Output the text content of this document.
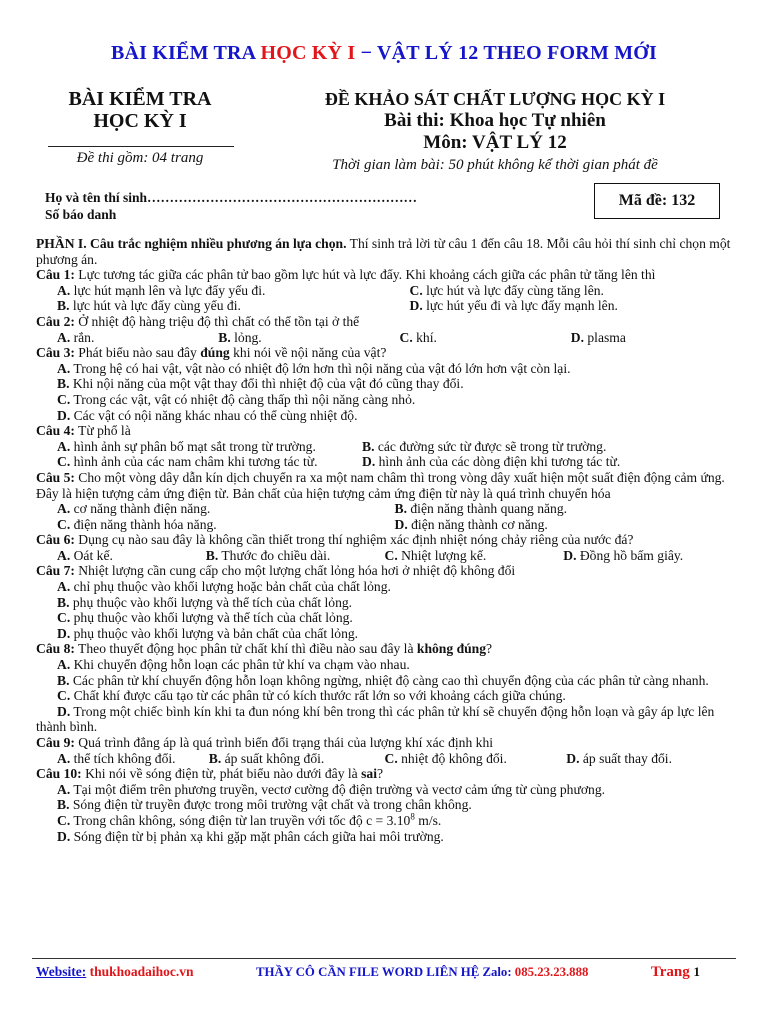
BÀI KIỂM TRA HỌC KỲ I − VẬT LÝ 12 THEO FORM MỚI
BÀI KIỂM TRA
HỌC KỲ I
Đề thi gồm: 04 trang
ĐỀ KHẢO SÁT CHẤT LƯỢNG HỌC KỲ I
Bài thi: Khoa học Tự nhiên
Môn: VẬT LÝ 12
Thời gian làm bài: 50 phút không kể thời gian phát đề
Họ và tên thí sinh……………………………………………………
Số báo danh
Mã đề: 132

PHẦN I. Câu trắc nghiệm nhiều phương án lựa chọn. Thí sinh trả lời từ câu 1 đến câu 18. Mỗi câu hỏi thí sinh chỉ chọn một phương án.

Câu 1: Lực tương tác giữa các phân tử bao gồm lực hút và lực đẩy. Khi khoảng cách giữa các phân tử tăng lên thì

A. lực hút mạnh lên và lực đẩy yếu đi.	C. lực hút và lực đẩy cùng tăng lên.
B. lực hút và lực đẩy cùng yếu đi.	D. lực hút yếu đi và lực đẩy mạnh lên.

Câu 2: Ở nhiệt độ hàng triệu độ thì chất có thể tồn tại ở thể

A. rắn.	B. lỏng.	C. khí.	D. plasma

Câu 3: Phát biểu nào sau đây đúng khi nói về nội năng của vật?

A. Trong hệ có hai vật, vật nào có nhiệt độ lớn hơn thì nội năng của vật đó lớn hơn vật còn lại.
B. Khi nội năng của một vật thay đổi thì nhiệt độ của vật đó cũng thay đổi.
C. Trong các vật, vật có nhiệt độ càng thấp thì nội năng càng nhỏ.
D. Các vật có nội năng khác nhau có thể cùng nhiệt độ.

Câu 4: Từ phổ là

A. hình ảnh sự phân bố mạt sắt trong từ trường.	B. các đường sức từ được sẽ trong từ trường.
C. hình ảnh của các nam châm khi tương tác từ.	D. hình ảnh của các dòng điện khi tương tác từ.

Câu 5: Cho một vòng dây dẫn kín dịch chuyển ra xa một nam châm thì trong vòng dây xuất hiện một suất điện động cảm ứng. Đây là hiện tượng cảm ứng điện từ. Bản chất của hiện tượng cảm ứng điện từ này là quá trình chuyển hóa

A. cơ năng thành điện năng.	B. điện năng thành quang năng.
C. điện năng thành hóa năng.	D. điện năng thành cơ năng.

Câu 6: Dụng cụ nào sau đây là không cần thiết trong thí nghiệm xác định nhiệt nóng chảy riêng của nước đá?

A. Oát kế.	B. Thước đo chiều dài.	C. Nhiệt lượng kế.	D. Đồng hồ bấm giây.

Câu 7: Nhiệt lượng cần cung cấp cho một lượng chất lỏng hóa hơi ở nhiệt độ không đổi

A. chỉ phụ thuộc vào khối lượng hoặc bản chất của chất lỏng.
B. phụ thuộc vào khối lượng và thể tích của chất lỏng.
C. phụ thuộc vào khối lượng và thể tích của chất lỏng.
D. phụ thuộc vào khối lượng và bản chất của chất lỏng.

Câu 8: Theo thuyết động học phân tử chất khí thì điều nào sau đây là không đúng?

A. Khi chuyển động hỗn loạn các phân tử khí va chạm vào nhau.
B. Các phân tử khí chuyển động hỗn loạn không ngừng, nhiệt độ càng cao thì chuyển động của các phân tử càng nhanh.
C. Chất khí được cấu tạo từ các phân tử có kích thước rất lớn so với khoảng cách giữa chúng.
D. Trong một chiếc bình kín khi ta đun nóng khí bên trong thì các phân tử khí sẽ chuyển động hỗn loạn và gây áp lực lên thành bình.

Câu 9: Quá trình đẳng áp là quá trình biến đổi trạng thái của lượng khí xác định khi

A. thể tích không đổi.	B. áp suất không đổi.	C. nhiệt độ không đổi.	D. áp suất thay đổi.

Câu 10: Khi nói về sóng điện từ, phát biểu nào dưới đây là sai?

A. Tại một điểm trên phương truyền, vectơ cường độ điện trường và vectơ cảm ứng từ cùng phương.
B. Sóng điện từ truyền được trong môi trường vật chất và trong chân không.
C. Trong chân không, sóng điện từ lan truyền với tốc độ $c = 3.10^8$ m/s.
D. Sóng điện từ bị phản xạ khi gặp mặt phân cách giữa hai môi trường.
Website: thukhoadaihoc.vn	THẦY CÔ CẦN FILE WORD LIÊN HỆ Zalo: 085.23.23.888	Trang 1
